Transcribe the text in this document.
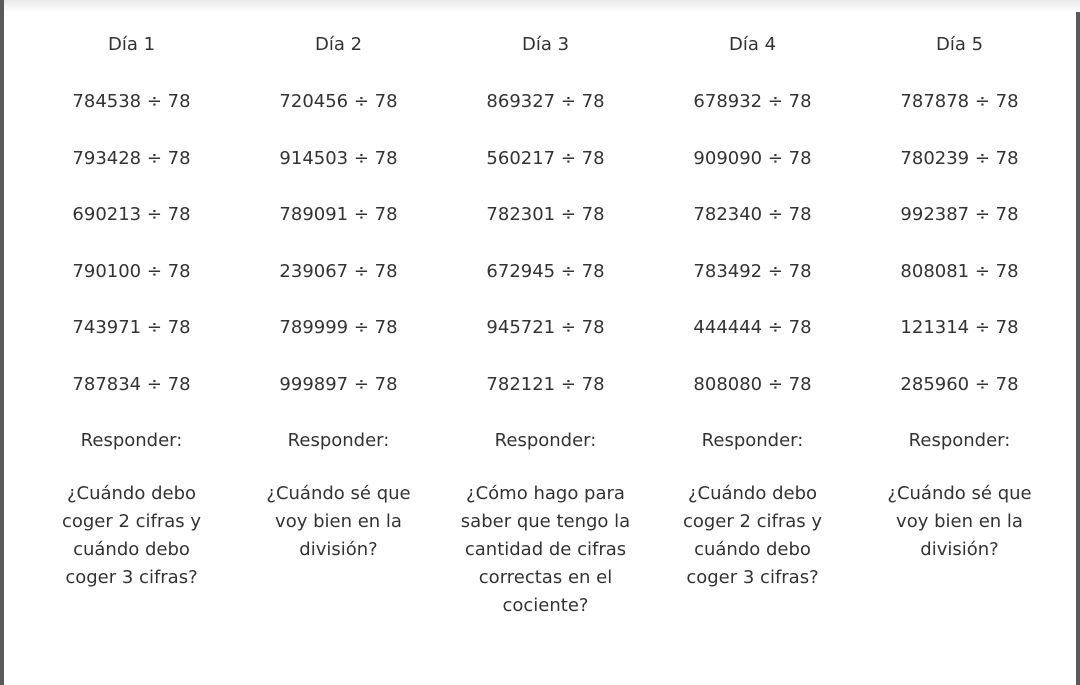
Día 1
784538 ÷ 78
793428 ÷ 78
690213 ÷ 78
790100 ÷ 78
743971 ÷ 78
787834 ÷ 78
Responder:
¿Cuándo debo coger 2 cifras y cuándo debo coger 3 cifras?
Día 2
720456 ÷ 78
914503 ÷ 78
789091 ÷ 78
239067 ÷ 78
789999 ÷ 78
999897 ÷ 78
Responder:
¿Cuándo sé que voy bien en la división?
Día 3
869327 ÷ 78
560217 ÷ 78
782301 ÷ 78
672945 ÷ 78
945721 ÷ 78
782121 ÷ 78
Responder:
¿Cómo hago para saber que tengo la cantidad de cifras correctas en el cociente?
Día 4
678932 ÷ 78
909090 ÷ 78
782340 ÷ 78
783492 ÷ 78
444444 ÷ 78
808080 ÷ 78
Responder:
¿Cuándo debo coger 2 cifras y cuándo debo coger 3 cifras?
Día 5
787878 ÷ 78
780239 ÷ 78
992387 ÷ 78
808081 ÷ 78
121314 ÷ 78
285960 ÷ 78
Responder:
¿Cuándo sé que voy bien en la división?
